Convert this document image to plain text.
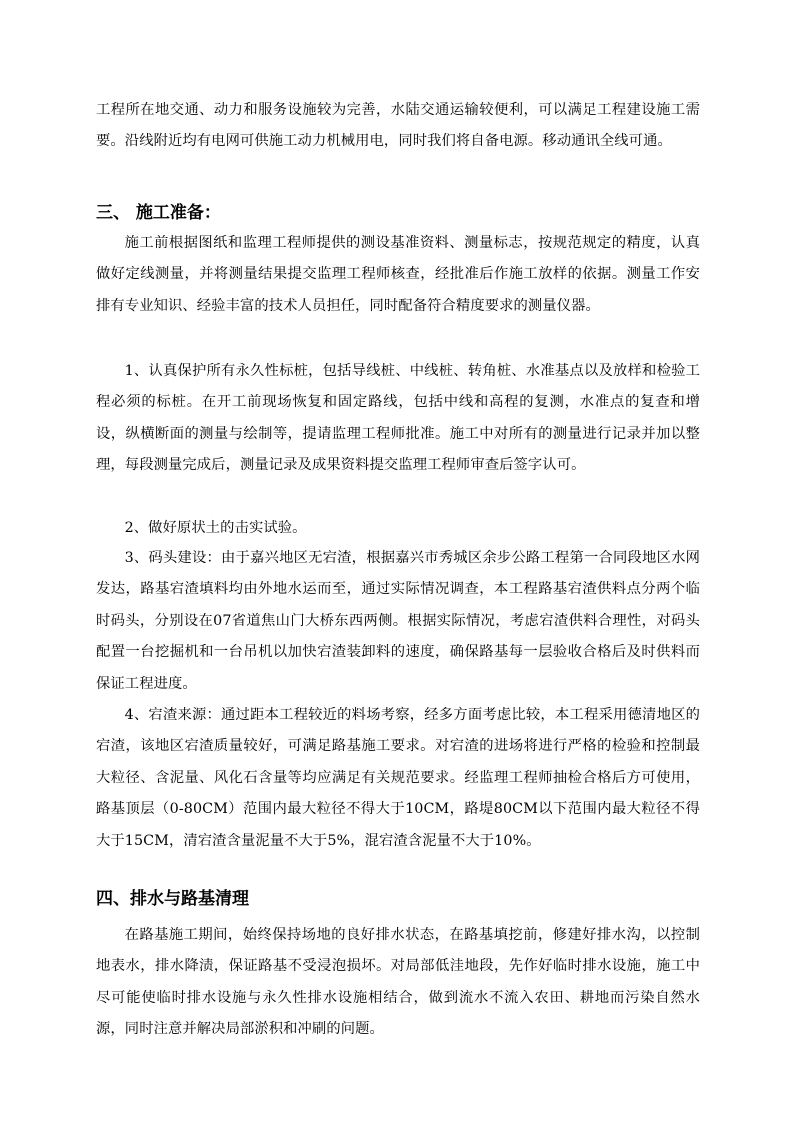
工程所在地交通、动力和服务设施较为完善，水陆交通运输较便利，可以满足工程建设施工需要。沿线附近均有电网可供施工动力机械用电，同时我们将自备电源。移动通讯全线可通。

三、 施工准备：

施工前根据图纸和监理工程师提供的测设基准资料、测量标志，按规范规定的精度，认真做好定线测量，并将测量结果提交监理工程师核查，经批准后作施工放样的依据。测量工作安排有专业知识、经验丰富的技术人员担任，同时配备符合精度要求的测量仪器。

1、认真保护所有永久性标桩，包括导线桩、中线桩、转角桩、水准基点以及放样和检验工程必须的标桩。在开工前现场恢复和固定路线，包括中线和高程的复测，水准点的复查和增设，纵横断面的测量与绘制等，提请监理工程师批准。施工中对所有的测量进行记录并加以整理，每段测量完成后，测量记录及成果资料提交监理工程师审查后签字认可。

2、做好原状土的击实试验。

3、码头建设：由于嘉兴地区无宕渣，根据嘉兴市秀城区余步公路工程第一合同段地区水网发达，路基宕渣填料均由外地水运而至，通过实际情况调查，本工程路基宕渣供料点分两个临时码头，分别设在07省道焦山门大桥东西两侧。根据实际情况，考虑宕渣供料合理性，对码头配置一台挖掘机和一台吊机以加快宕渣装卸料的速度，确保路基每一层验收合格后及时供料而保证工程进度。

4、宕渣来源：通过距本工程较近的料场考察，经多方面考虑比较，本工程采用德清地区的宕渣，该地区宕渣质量较好，可满足路基施工要求。对宕渣的进场将进行严格的检验和控制最大粒径、含泥量、风化石含量等均应满足有关规范要求。经监理工程师抽检合格后方可使用，路基顶层（0-80CM）范围内最大粒径不得大于10CM，路堤80CM以下范围内最大粒径不得大于15CM，清宕渣含量泥量不大于5%，混宕渣含泥量不大于10%。

四、排水与路基清理

在路基施工期间，始终保持场地的良好排水状态，在路基填挖前，修建好排水沟，以控制地表水，排水降渍，保证路基不受浸泡损坏。对局部低洼地段，先作好临时排水设施，施工中尽可能使临时排水设施与永久性排水设施相结合，做到流水不流入农田、耕地而污染自然水源，同时注意并解决局部淤积和冲刷的问题。
